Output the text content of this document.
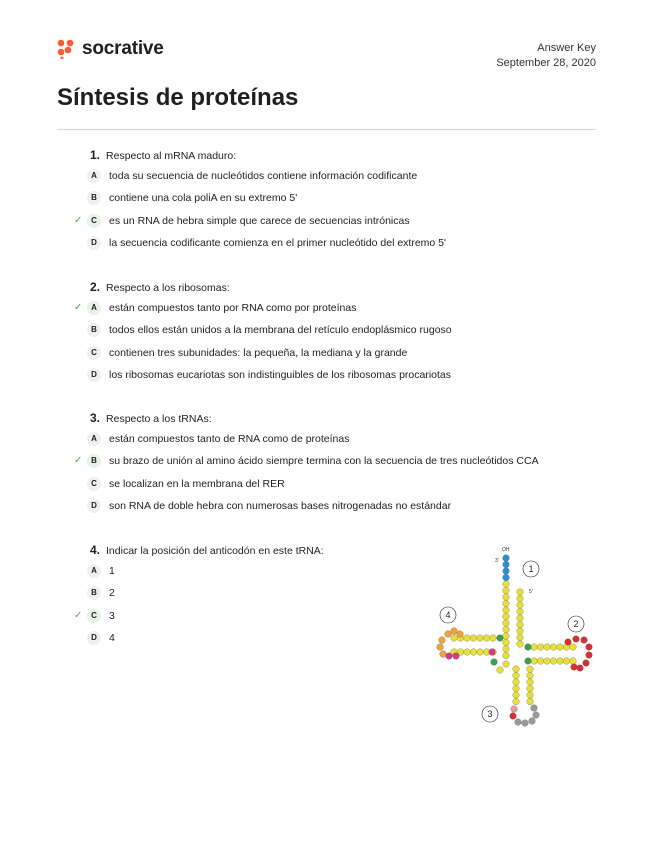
socrative	Answer Key
September 28, 2020
Síntesis de proteínas
1. Respecto al mRNA maduro:
A	toda su secuencia de nucleótidos contiene información codificante
B	contiene una cola poliA en su extremo 5'
✓	C	es un RNA de hebra simple que carece de secuencias intrónicas
D	la secuencia codificante comienza en el primer nucleótido del extremo 5'
2. Respecto a los ribosomas:
✓	A	están compuestos tanto por RNA como por proteínas
B	todos ellos están unidos a la membrana del retículo endoplásmico rugoso
C	contienen tres subunidades: la pequeña, la mediana y la grande
D	los ribosomas eucariotas son indistinguibles de los ribosomas procariotas
3. Respecto a los tRNAs:
A	están compuestos tanto de RNA como de proteínas
✓	B	su brazo de unión al amino ácido siempre termina con la secuencia de tres nucleótidos CCA
C	se localizan en la membrana del RER
D	son RNA de doble hebra con numerosas bases nitrogenadas no estándar
4. Indicar la posición del anticodón en este tRNA:
A	1
B	2
✓	C	3
D	4
OH
3'
5'
1
2
3
4
